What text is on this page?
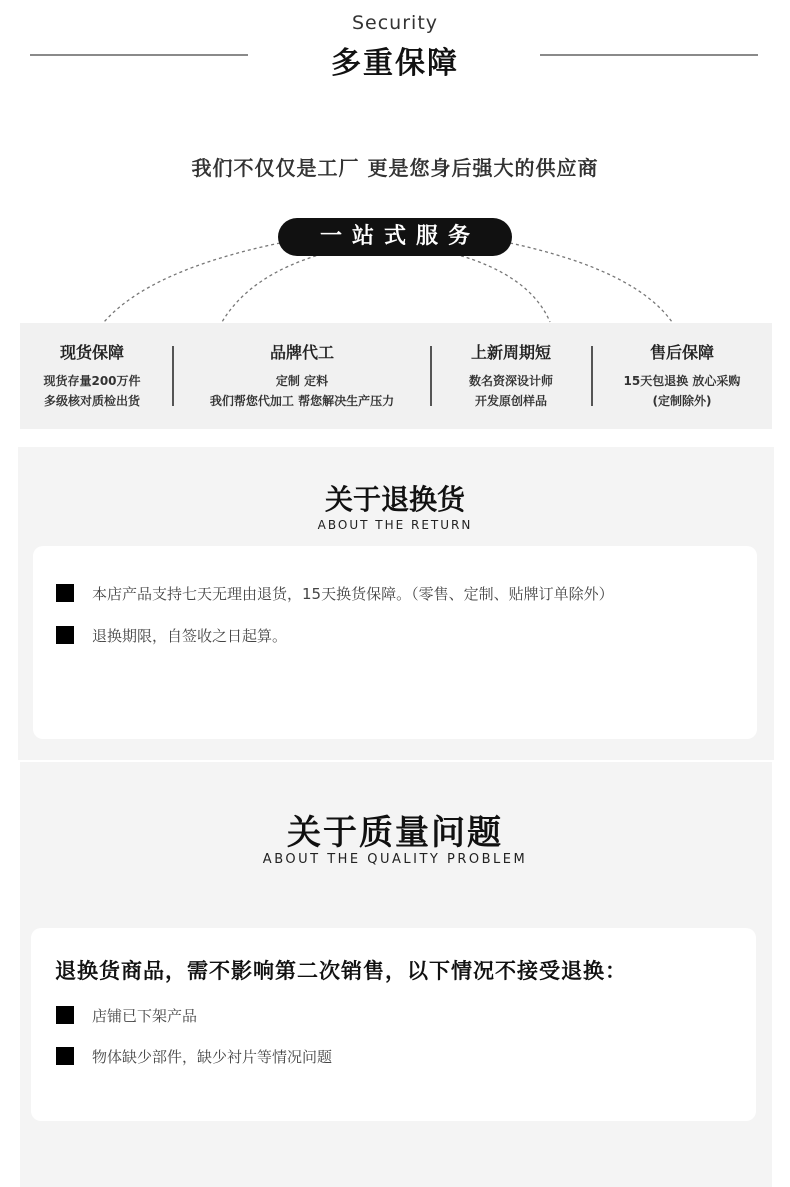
Security
多重保障
我们不仅仅是工厂 更是您身后强大的供应商
一站式服务
现货保障
现货存量200万件
多级核对质检出货
品牌代工
定制 定料
我们帮您代加工 帮您解决生产压力
上新周期短
数名资深设计师
开发原创样品
售后保障
15天包退换 放心采购
(定制除外)
关于退换货
ABOUT THE RETURN
本店产品支持七天无理由退货，15天换货保障。（零售、定制、贴牌订单除外）
退换期限，自签收之日起算。
关于质量问题
ABOUT THE QUALITY PROBLEM
退换货商品，需不影响第二次销售，以下情况不接受退换：
店铺已下架产品
物体缺少部件，缺少衬片等情况问题
